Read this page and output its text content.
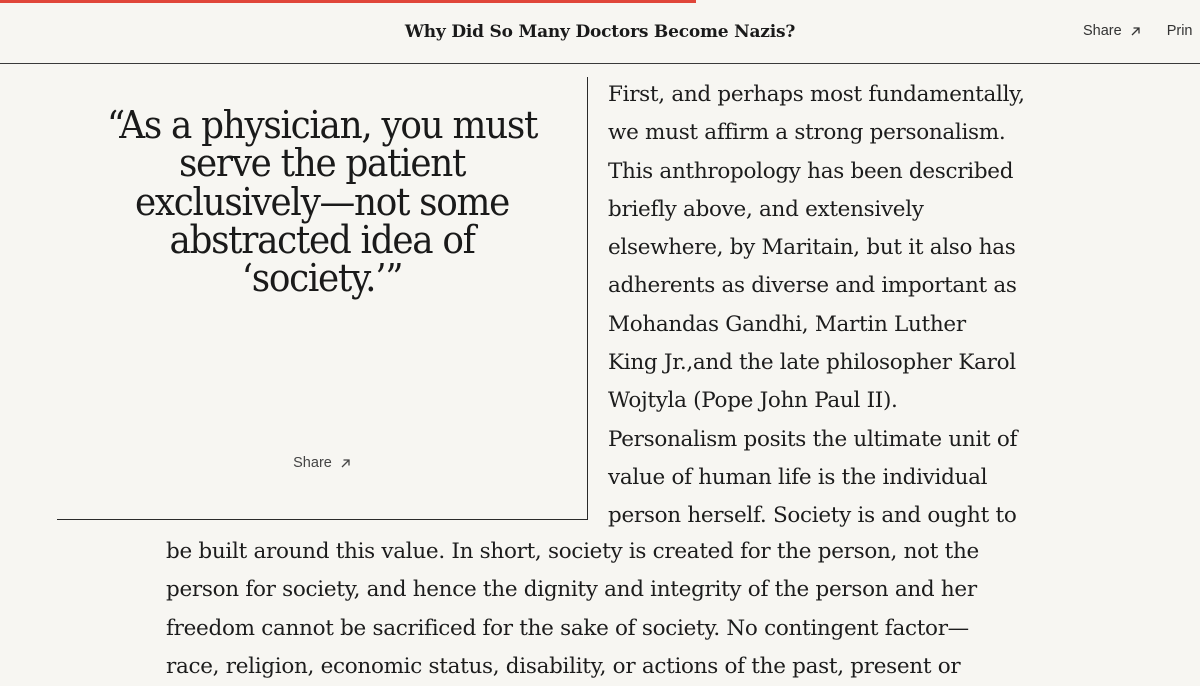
Why Did So Many Doctors Become Nazis?	Share	Prin
“As a physician, you must
serve the patient
exclusively—not some
abstracted idea of
‘society.’”
Share
First, and perhaps most fundamentally,
we must affirm a strong personalism.
This anthropology has been described
briefly above, and extensively
elsewhere, by Maritain, but it also has
adherents as diverse and important as
Mohandas Gandhi, Martin Luther
King Jr.,and the late philosopher Karol
Wojtyla (Pope John Paul II).
Personalism posits the ultimate unit of
value of human life is the individual
person herself. Society is and ought to
be built around this value. In short, society is created for the person, not the
person for society, and hence the dignity and integrity of the person and her
freedom cannot be sacrificed for the sake of society. No contingent factor—
race, religion, economic status, disability, or actions of the past, present or
